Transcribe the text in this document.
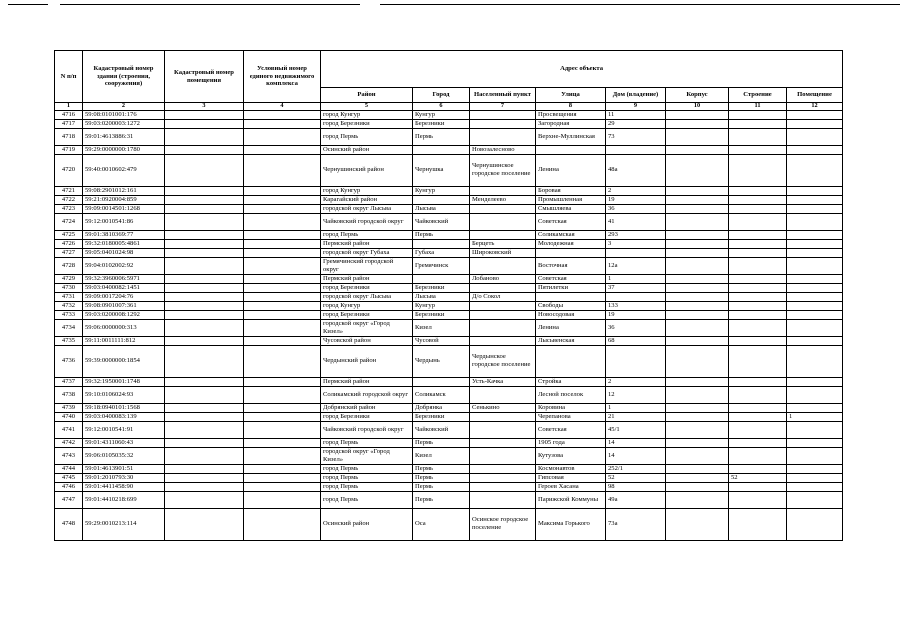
N п/п	Кадастровый номер здания (строения, сооружения)	Кадастровый номер помещения	Условный номер единого недвижимого комплекса	Адрес объекта							
				Район	Город	Населенный пункт	Улица	Дом (владение)	Корпус	Строение	Помещение
1	2	3	4	5	6	7	8	9	10	11	12
4716	59:08:0101001:176			город Кунгур	Кунгур		Просвещения	11			
4717	59:03:0200003:1272			город Березники	Березники		Загородная	29			
4718	59:01:4613886:31			город Пермь	Пермь		Верхне-Муллинская	73			
4719	59:29:0000000:1780			Осинский район		Новозалесново					
4720	59:40:0010602:479			Чернушинский район	Чернушка	Чернушинское городское поселение	Ленина	48а			
4721	59:08:2901012:161			город Кунгур	Кунгур		Боровая	2			
4722	59:21:0920004:859			Карагайский район		Менделеево	Промышленная	19			
4723	59:09:0014501:1268			городской округ Лысьва	Лысьва		Смышляева	36			
4724	59:12:0010541:86			Чайковский городской округ	Чайковский		Советская	41			
4725	59:01:3810369:77			город Пермь	Пермь		Соликамская	293			
4726	59:32:0180005:4861			Пермский район		Берцеть	Молодежная	3			
4727	59:05:0401024:98			городской округ Губаха	Губаха	Широковский					
4728	59:04:0102002:92			Гремячинский городской округ	Гремячинск		Восточная	12а			
4729	59:32:3960006:5971			Пермский район		Лобаново	Советская	1			
4730	59:03:0400082:1451			город Березники	Березники		Пятилетки	37			
4731	59:09:0017204:76			городской округ Лысьва	Лысьва	Д/о Сокол					
4732	59:08:0901007:361			город Кунгур	Кунгур		Свободы	133			
4733	59:03:0200008:1292			город Березники	Березники		Новосодовая	19			
4734	59:06:0000000:313			городской округ «Город Кизел»	Кизел		Ленина	36			
4735	59:11:0011111:812			Чусовской район	Чусовой		Лысьвенская	68			
4736	59:39:0000000:1854			Чердынский район	Чердынь	Чердынское городское поселение					
4737	59:32:1950001:1748			Пермский район		Усть-Качка	Стройка	2			
4738	59:10:0106024:93			Соликамский городской округ	Соликамск		Лесной поселок	12			
4739	59:18:0940101:1568			Добрянский район	Добрянка	Сенькино	Коровина	1			
4740	59:03:0400083:139			город Березники	Березники		Черепанова	21			1
4741	59:12:0010541:91			Чайковский городской округ	Чайковский		Советская	45/1			
4742	59:01:4311060:43			город Пермь	Пермь		1905 года	14			
4743	59:06:0105035:32			городской округ «Город Кизел»	Кизел		Кутузова	14			
4744	59:01:4613901:51			город Пермь	Пермь		Космонавтов	252/1			
4745	59:01:2010793:30			город Пермь	Пермь		Гипсовая	52		52	
4746	59:01:4411458:90			город Пермь	Пермь		Героев Хасана	98			
4747	59:01:4410218:699			город Пермь	Пермь		Парижской Коммуны	49а			
4748	59:29:0010213:114			Осинский район	Оса	Осинское городское поселение	Максима Горького	73а			
